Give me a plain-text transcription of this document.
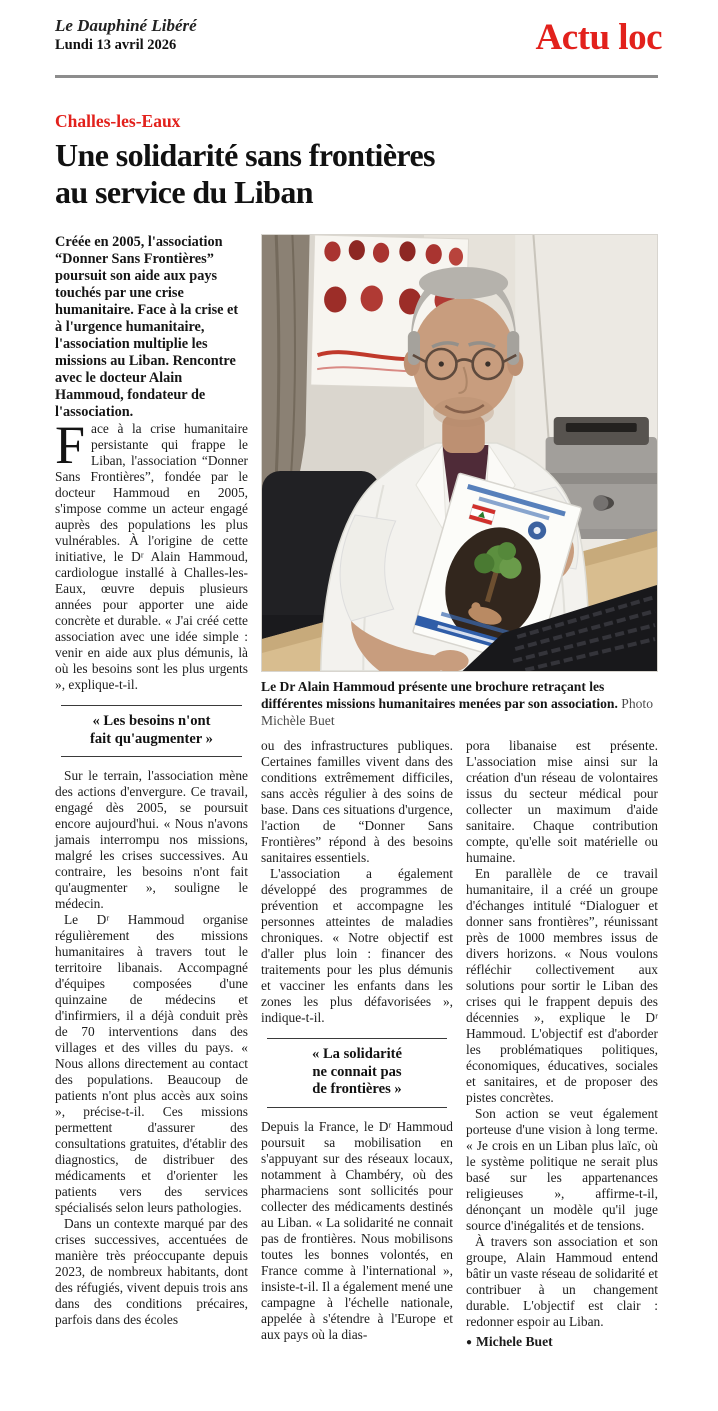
Le Dauphiné Libéré
Lundi 13 avril 2026	Actu loc
Challes-les-Eaux
Une solidarité sans frontières
au service du Liban

Créée en 2005, l'association “Donner Sans Frontières” poursuit son aide aux pays touchés par une crise humanitaire. Face à la crise et à l'urgence humanitaire, l'association multiplie les missions au Liban. Rencontre avec le docteur Alain Hammoud, fondateur de l'association.

Face à la crise humanitaire persistante qui frappe le Liban, l'association “Donner Sans Frontières”, fondée par le docteur Hammoud en 2005, s'impose comme un acteur engagé auprès des populations les plus vulnérables. À l'origine de cette initiative, le Dʳ Alain Hammoud, cardiologue installé à Challes-les-Eaux, œuvre depuis plusieurs années pour apporter une aide concrète et durable. « J'ai créé cette association avec une idée simple : venir en aide aux plus démunis, là où les besoins sont les plus urgents », explique-t-il.

« Les besoins n'ont
fait qu'augmenter »

Sur le terrain, l'association mène des actions d'envergure. Ce travail, engagé dès 2005, se poursuit encore aujourd'hui. « Nous n'avons jamais interrompu nos missions, malgré les crises successives. Au contraire, les besoins n'ont fait qu'augmenter », souligne le médecin.

Le Dʳ Hammoud organise régulièrement des missions humanitaires à travers tout le territoire libanais. Accompagné d'équipes composées d'une quinzaine de médecins et d'infirmiers, il a déjà conduit près de 70 interventions dans des villages et des villes du pays. « Nous allons directement au contact des populations. Beaucoup de patients n'ont plus accès aux soins », précise-t-il. Ces missions permettent d'assurer des consultations gratuites, d'établir des diagnostics, de distribuer des médicaments et d'orienter les patients vers des services spécialisés selon leurs pathologies.

Dans un contexte marqué par des crises successives, accentuées de manière très préoccupante depuis 2023, de nombreux habitants, dont des réfugiés, vivent depuis trois ans dans des conditions précaires, parfois dans des écoles

Le Dr Alain Hammoud présente une brochure retraçant les différentes missions humanitaires menées par son association. Photo Michèle Buet

ou des infrastructures publiques. Certaines familles vivent dans des conditions extrêmement difficiles, sans accès régulier à des soins de base. Dans ces situations d'urgence, l'action de “Donner Sans Frontières” répond à des besoins sanitaires essentiels.

L'association a également développé des programmes de prévention et accompagne les personnes atteintes de maladies chroniques. « Notre objectif est d'aller plus loin : financer des traitements pour les plus démunis et vacciner les enfants dans les zones les plus défavorisées », indique-t-il.

« La solidarité
ne connait pas
de frontières »

Depuis la France, le Dʳ Hammoud poursuit sa mobilisation en s'appuyant sur des réseaux locaux, notamment à Chambéry, où des pharmaciens sont sollicités pour collecter des médicaments destinés au Liban. « La solidarité ne connait pas de frontières. Nous mobilisons toutes les bonnes volontés, en France comme à l'international », insiste-t-il. Il a également mené une campagne à l'échelle nationale, appelée à s'étendre à l'Europe et aux pays où la dias-

pora libanaise est présente. L'association mise ainsi sur la création d'un réseau de volontaires issus du secteur médical pour collecter un maximum d'aide sanitaire. Chaque contribution compte, qu'elle soit matérielle ou humaine.

En parallèle de ce travail humanitaire, il a créé un groupe d'échanges intitulé “Dialoguer et donner sans frontières”, réunissant près de 1000 membres issus de divers horizons. « Nous voulons réfléchir collectivement aux solutions pour sortir le Liban des crises qui le frappent depuis des décennies », explique le Dʳ Hammoud. L'objectif est d'aborder les problématiques politiques, économiques, éducatives, sociales et sanitaires, et de proposer des pistes concrètes.

Son action se veut également porteuse d'une vision à long terme. « Je crois en un Liban plus laïc, où le système politique ne serait plus basé sur les appartenances religieuses », affirme-t-il, dénonçant un modèle qu'il juge source d'inégalités et de tensions.

À travers son association et son groupe, Alain Hammoud entend bâtir un vaste réseau de solidarité et contribuer à un changement durable. L'objectif est clair : redonner espoir au Liban.

● Michele Buet
